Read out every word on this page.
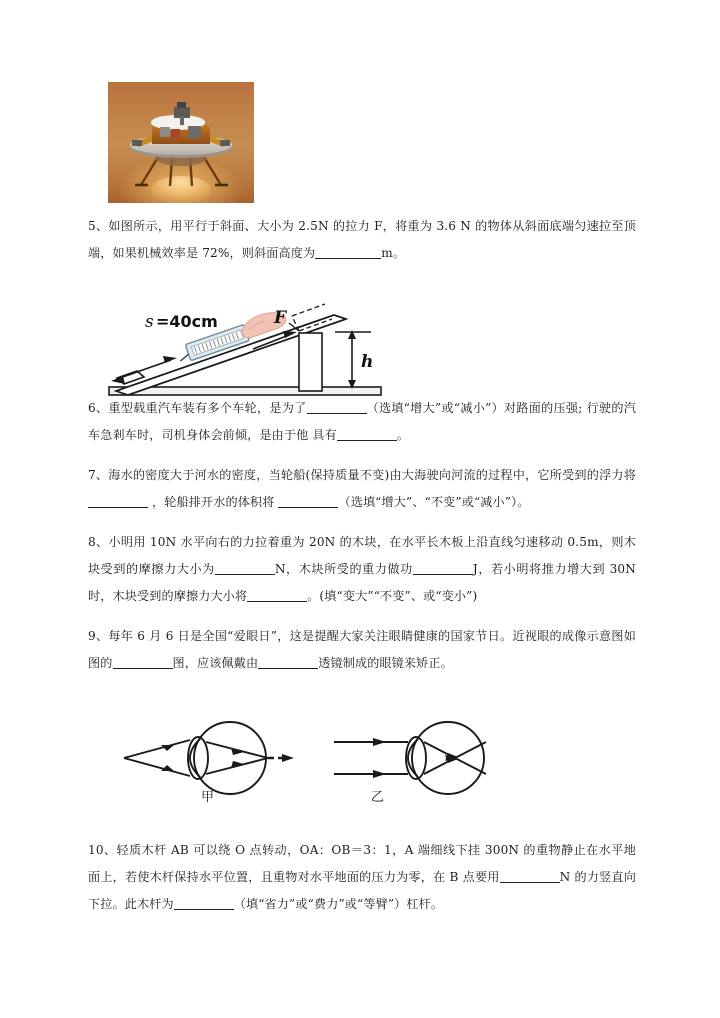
s =40cm	F
h
甲	乙

5、如图所示，用平行于斜面、大小为 2.5N 的拉力 F，将重为 3.6 N 的物体从斜面底端匀速拉至顶端，如果机械效率是 72%，则斜面高度为	m。

6、重型载重汽车装有多个车轮，是为了	（选填“增大”或“减小”）对路面的压强; 行驶的汽车急剎车时，司机身体会前倾，是由于他 具有	。

7、海水的密度大于河水的密度，当轮船(保持质量不变)由大海驶向河流的过程中，它所受到的浮力将 ，轮船排开水的体积将	（选填“增大”、“不变”或“减小”）。

8、小明用 10N 水平向右的力拉着重为 20N 的木块，在水平长木板上沿直线匀速移动 0.5m，则木块受到的摩擦力大小为	N，木块所受的重力做功	J，若小明将推力增大到 30N 时，木块受到的摩擦力大小将	。(填“变大”“不变”、或“变小”)

9、每年 6 月 6 日是全国“爱眼日”，这是提醒大家关注眼睛健康的国家节日。近视眼的成像示意图如图的	图，应该佩戴由	透镜制成的眼镜来矫正。

10、轻质木杆 AB 可以绕 O 点转动，OA：OB＝3：1，A 端细线下挂 300N 的重物静止在水平地面上，若使木杆保持水平位置，且重物对水平地面的压力为零，在 B 点要用	N 的力竖直向下拉。此木杆为	（填“省力”或“费力”或“等臂”）杠杆。
